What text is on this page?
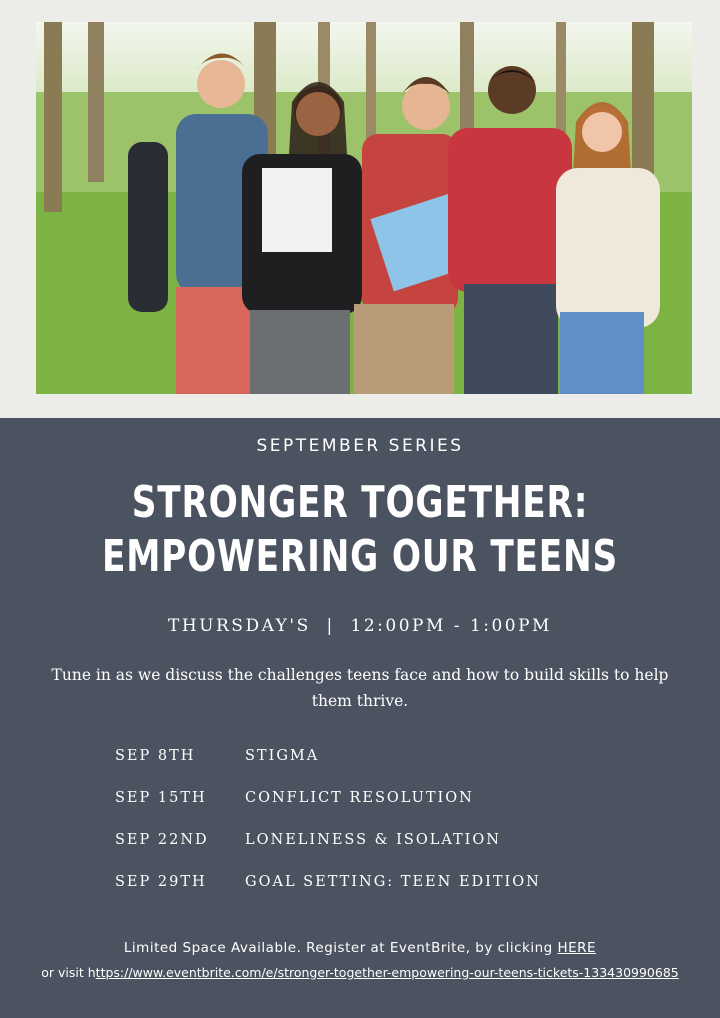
SEPTEMBER SERIES
STRONGER TOGETHER:
EMPOWERING OUR TEENS
THURSDAY'S  |  12:00PM - 1:00PM
Tune in as we discuss the challenges teens face and how to build skills to help them thrive.
SEP 8TH	STIGMA
SEP 15TH	CONFLICT RESOLUTION
SEP 22ND	LONELINESS & ISOLATION
SEP 29TH	GOAL SETTING: TEEN EDITION
Limited Space Available. Register at EventBrite, by clicking HERE
or visit https://www.eventbrite.com/e/stronger-together-empowering-our-teens-tickets-133430990685
